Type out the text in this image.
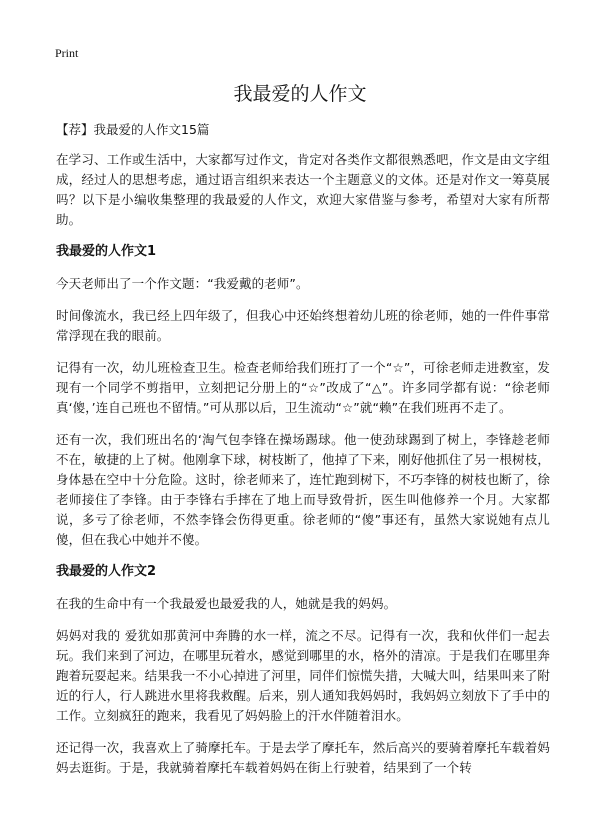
Print
我最爱的人作文

【荐】我最爱的人作文15篇

在学习、工作或生活中，大家都写过作文，肯定对各类作文都很熟悉吧，作文是由文字组成，经过人的思想考虑，通过语言组织来表达一个主题意义的文体。还是对作文一筹莫展吗？以下是小编收集整理的我最爱的人作文，欢迎大家借鉴与参考，希望对大家有所帮助。

我最爱的人作文1

今天老师出了一个作文题：“我爱戴的老师”。

时间像流水，我已经上四年级了，但我心中还始终想着幼儿班的徐老师，她的一件件事常常浮现在我的眼前。

记得有一次，幼儿班检查卫生。检查老师给我们班打了一个“☆”，可徐老师走进教室，发现有一个同学不剪指甲，立刻把记分册上的“☆”改成了“△”。许多同学都有说：“徐老师真‘傻，’连自己班也不留情。”可从那以后，卫生流动“☆”就“赖”在我们班再不走了。

还有一次，我们班出名的‘淘气包李锋在操场踢球。他一使劲球踢到了树上，李锋趁老师不在，敏捷的上了树。他刚拿下球，树枝断了，他掉了下来，刚好他抓住了另一根树枝，身体悬在空中十分危险。这时，徐老师来了，连忙跑到树下，不巧李锋的树枝也断了，徐老师接住了李锋。由于李锋右手摔在了地上而导致骨折，医生叫他修养一个月。大家都说，多亏了徐老师，不然李锋会伤得更重。徐老师的“傻”事还有，虽然大家说她有点儿傻，但在我心中她并不傻。

我最爱的人作文2

在我的生命中有一个我最爱也最爱我的人，她就是我的妈妈。

妈妈对我的 爱犹如那黄河中奔腾的水一样，流之不尽。记得有一次，我和伙伴们一起去玩。我们来到了河边，在哪里玩着水，感觉到哪里的水，格外的清凉。于是我们在哪里奔跑着玩耍起来。结果我一不小心掉进了河里，同伴们惊慌失措，大喊大叫，结果叫来了附近的行人，行人跳进水里将我救醒。后来，别人通知我妈妈时，我妈妈立刻放下了手中的工作。立刻疯狂的跑来，我看见了妈妈脸上的汗水伴随着泪水。

还记得一次，我喜欢上了骑摩托车。于是去学了摩托车，然后高兴的要骑着摩托车载着妈妈去逛街。于是，我就骑着摩托车载着妈妈在街上行驶着，结果到了一个转
